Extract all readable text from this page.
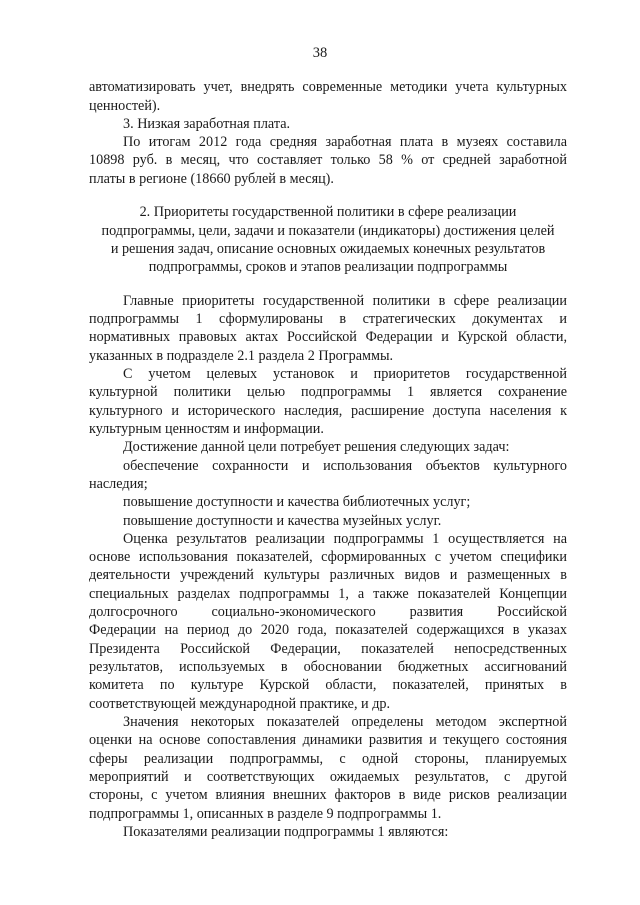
38
автоматизировать учет, внедрять современные методики учета культурных
ценностей).
3. Низкая заработная плата.
По итогам 2012 года средняя заработная плата в музеях составила
10898 руб. в месяц, что составляет только 58 % от средней заработной
платы в регионе (18660 рублей в месяц).
2. Приоритеты государственной политики в сфере реализации
подпрограммы, цели, задачи и показатели (индикаторы) достижения целей
и решения задач, описание основных ожидаемых конечных результатов
подпрограммы, сроков и этапов реализации подпрограммы
Главные приоритеты государственной политики в сфере реализации
подпрограммы 1 сформулированы в стратегических документах и
нормативных правовых актах Российской Федерации и Курской области,
указанных в подразделе 2.1 раздела 2 Программы.
С учетом целевых установок и приоритетов государственной
культурной политики целью подпрограммы 1 является сохранение
культурного и исторического наследия, расширение доступа населения к
культурным ценностям и информации.
Достижение данной цели потребует решения следующих задач:
обеспечение сохранности и использования объектов культурного
наследия;
повышение доступности и качества библиотечных услуг;
повышение доступности и качества музейных услуг.
Оценка результатов реализации подпрограммы 1 осуществляется на
основе использования показателей, сформированных с учетом специфики
деятельности учреждений культуры различных видов и размещенных в
специальных разделах подпрограммы 1, а также показателей Концепции
долгосрочного социально-экономического развития Российской
Федерации на период до 2020 года, показателей содержащихся в указах
Президента Российской Федерации, показателей непосредственных
результатов, используемых в обосновании бюджетных ассигнований
комитета по культуре Курской области, показателей, принятых в
соответствующей международной практике, и др.
Значения некоторых показателей определены методом экспертной
оценки на основе сопоставления динамики развития и текущего состояния
сферы реализации подпрограммы, с одной стороны, планируемых
мероприятий и соответствующих ожидаемых результатов, с другой
стороны, с учетом влияния внешних факторов в виде рисков реализации
подпрограммы 1, описанных в разделе 9 подпрограммы 1.
Показателями реализации подпрограммы 1 являются:
